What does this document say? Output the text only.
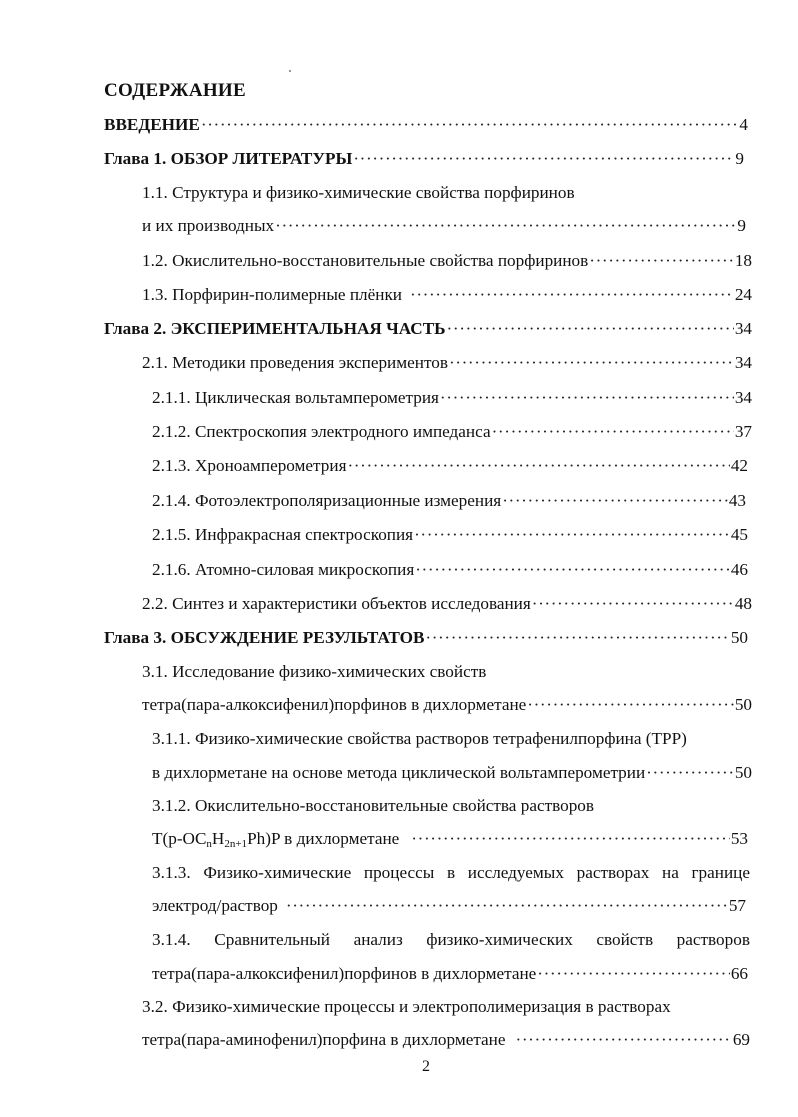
СОДЕРЖАНИЕ
ВВЕДЕНИЕ ·····	4
Глава 1. ОБЗОР ЛИТЕРАТУРЫ ·····	9
1.1. Структура и физико-химические свойства порфиринов
и их производных ·····	9
1.2. Окислительно-восстановительные свойства порфиринов ·····	18
1.3. Порфирин-полимерные плёнки ·····	24
Глава 2. ЭКСПЕРИМЕНТАЛЬНАЯ ЧАСТЬ ·····	34
2.1. Методики проведения экспериментов ·····	34
2.1.1. Циклическая вольтамперометрия ·····	34
2.1.2. Спектроскопия электродного импеданса ·····	37
2.1.3. Хроноамперометрия ·····	42
2.1.4. Фотоэлектрополяризационные измерения ·····	43
2.1.5. Инфракрасная спектроскопия ·····	45
2.1.6. Атомно-силовая микроскопия ·····	46
2.2. Синтез и характеристики объектов исследования ·····	48
Глава 3. ОБСУЖДЕНИЕ РЕЗУЛЬТАТОВ ·····	50
3.1. Исследование физико-химических свойств
тетра(пара-алкоксифенил)порфинов в дихлорметане ·····	50
3.1.1. Физико-химические свойства растворов тетрафенилпорфина (TPP)
в дихлорметане на основе метода циклической вольтамперометрии ·····	50
3.1.2. Окислительно-восстановительные свойства растворов
$T(p-OC_nH_{2n+1}Ph)P$ в дихлорметане ·····	53
3.1.3. Физико-химические процессы в исследуемых растворах на границе
электрод/раствор ·····	57
3.1.4. Сравнительный анализ физико-химических свойств растворов
тетра(пара-алкоксифенил)порфинов в дихлорметане ·····	66
3.2. Физико-химические процессы и электрополимеризация в растворах
тетра(пара-аминофенил)порфина в дихлорметане ·····	69
2
